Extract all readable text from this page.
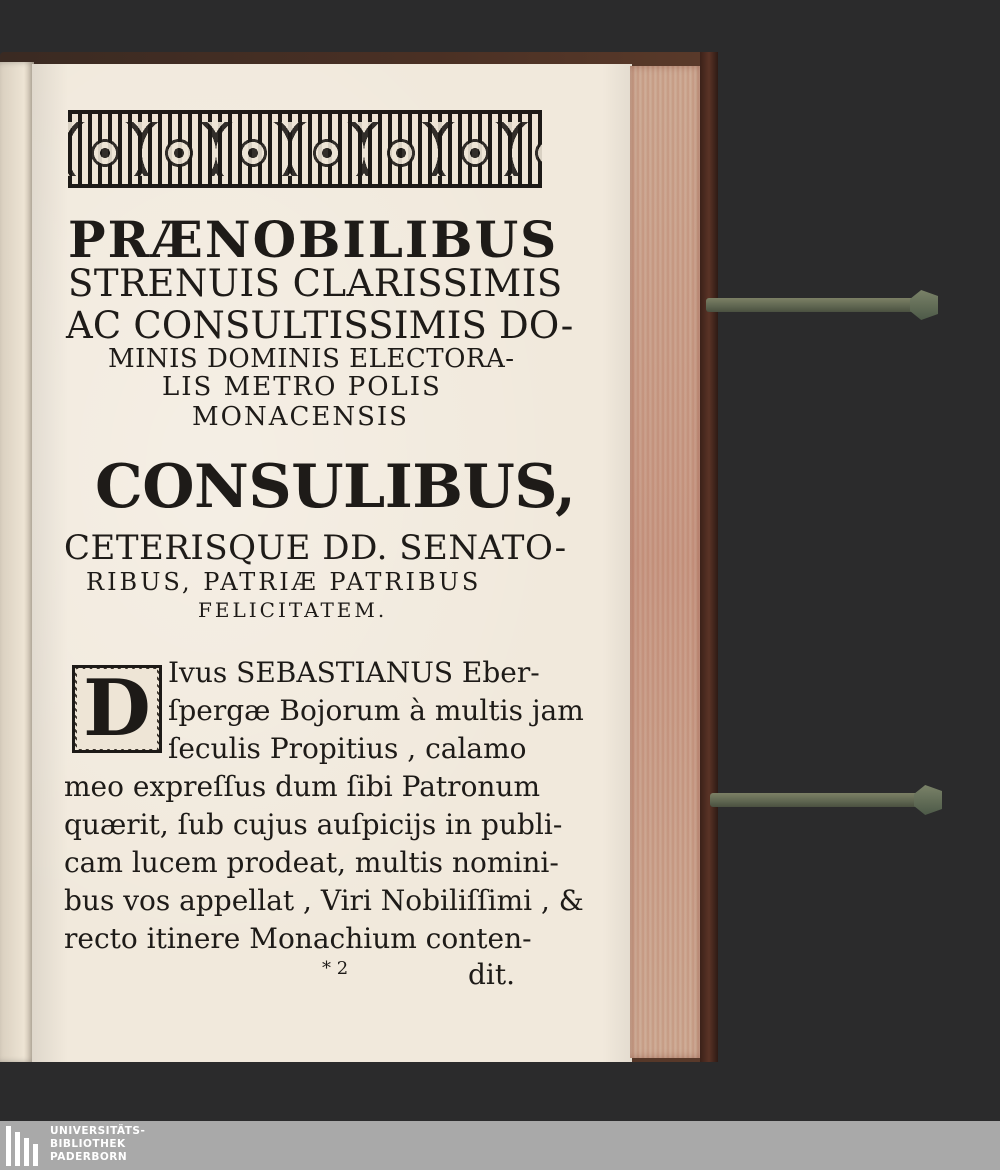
PRÆNOBILIBUS
STRENUIS CLARISSIMIS
AC CONSULTISSIMIS DO-
MINIS DOMINIS ELECTORA-
LIS METRO POLIS
MONACENSIS
CONSULIBUS,
CETERISQUE DD. SENATO-
RIBUS, PATRIÆ PATRIBUS
FELICITATEM.
D Ivus SEBASTIANUS Eber-
ſpergæ Bojorum à multis jam
ſeculis Propitius , calamo
meo expreſſus dum ſibi Patronum
quærit, ſub cujus auſpicijs in publi-
cam lucem prodeat, multis nomini-
bus vos appellat , Viri Nobiliſſimi , &
recto itinere Monachium conten-
* 2	dit.
UNIVERSITÄTS-
BIBLIOTHEK
PADERBORN
